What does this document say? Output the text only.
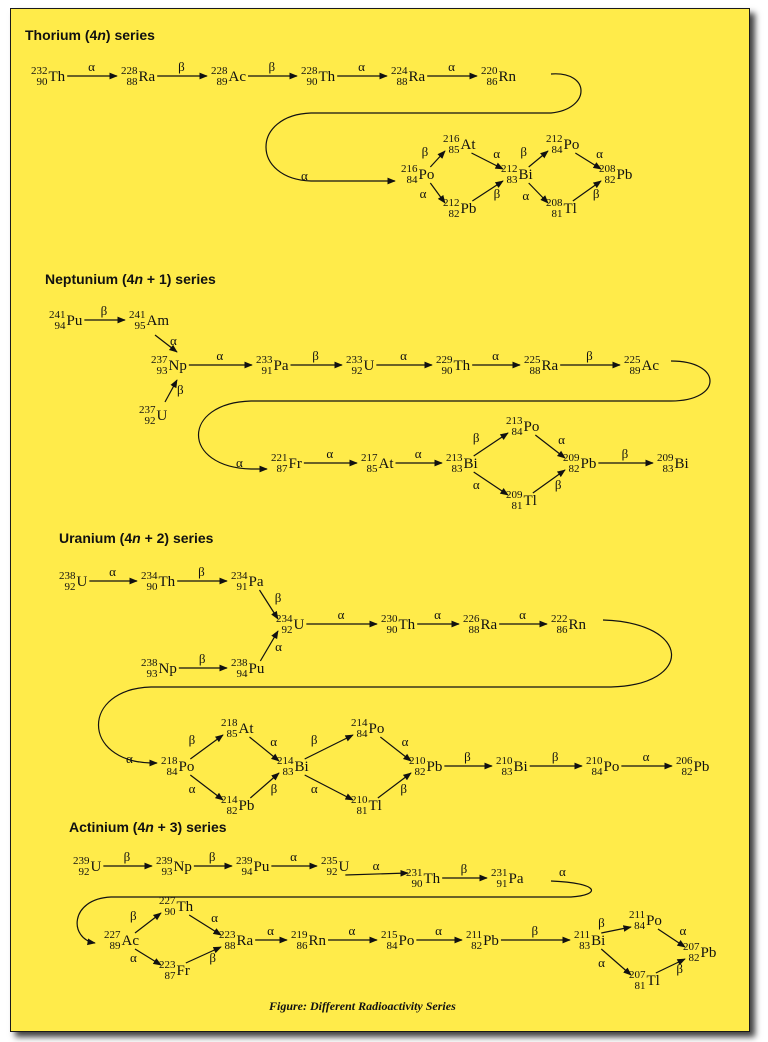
Thorium (4n) series
Neptunium (4n + 1) series
Uranium (4n + 2) series
Actinium (4n + 3) series
232
90 Th	228
88 Ra	228
89 Ac	228
90 Th	224
88 Ra	220
86 Rn
216
84 Po
216
85 At
212
82 Pb
212
83 Bi
212
84 Po
208
81 Tl
208
82 Pb
α	β	β	α	α
α
β
α
α
β
β
α
α
β
241
94 Pu	241
95 Am
237
93 Np
237
92 U
233
91 Pa	233
92 U	229
90 Th	225
88 Ra	225
89 Ac
221
87 Fr	217
85 At	213
83 Bi
213
84 Po
209
81 Tl
209
82 Pb	209
83 Bi
β
α
β
α	β	α	α	β
α
α	α
β
α
α
β
β
238
92 U	234
90 Th	234
91 Pa
234
92 U
238
93 Np	238
94 Pu
230
90 Th	226
88 Ra	222
86 Rn
218
84 Po
218
85 At
214
82 Pb
214
83 Bi
214
84 Po
210
81 Tl
210
82 Pb	210
83 Bi	210
84 Po	206
82 Pb
α	β
β
β
α
α	α	α
α
β
α
α
β
β
α
α
β
β	β	α
239
92 U	239
93 Np	239
94 Pu	235
92 U	231
90 Th	231
91 Pa
227
89 Ac
227
90 Th
223
87 Fr
223
88 Ra	219
86 Rn	215
84 Po	211
82 Pb	211
83 Bi
211
84 Po
207
81 Tl
207
82 Pb
β	β	α
α	β	α
β
α
α
β
α	α	α	β
β
α
α
β
Figure: Different Radioactivity Series
